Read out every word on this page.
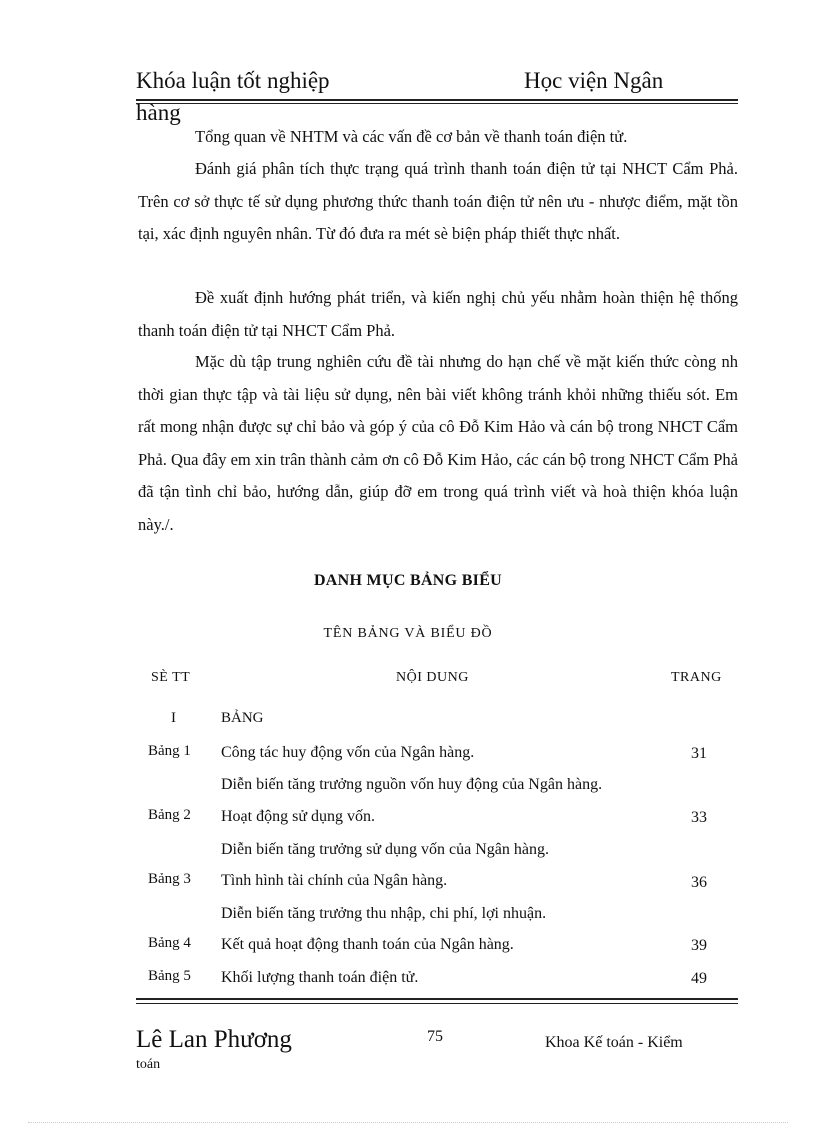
Khóa luận tốt nghiệp	Học viện Ngân
hàng

Tổng quan về NHTM và các vấn đề cơ bản về thanh toán điện tử.

Đánh giá phân tích thực trạng quá trình thanh toán điện tử tại NHCT Cẩm Phả. Trên cơ sở thực tế sử dụng phương thức thanh toán điện tử nên ưu - nhược điểm, mặt tồn tại, xác định nguyên nhân. Từ đó đưa ra mét sè biện pháp thiết thực nhất.

Đề xuất định hướng phát triển, và kiến nghị chủ yếu nhằm hoàn thiện hệ thống thanh toán điện tử tại NHCT Cẩm Phả.

Mặc dù tập trung nghiên cứu đề tài nhưng do hạn chế về mặt kiến thức còng nh thời gian thực tập và tài liệu sử dụng, nên bài viết không tránh khỏi những thiếu sót. Em rất mong nhận được sự chỉ bảo và góp ý của cô Đỗ Kim Hảo và cán bộ trong NHCT Cẩm Phả. Qua đây em xin trân thành cảm ơn cô Đỗ Kim Hảo, các cán bộ trong NHCT Cẩm Phả đã tận tình chỉ bảo, hướng dẫn, giúp đỡ em trong quá trình viết và hoà thiện khóa luận này./.

DANH MỤC BẢNG BIỂU
TÊN BẢNG VÀ BIỂU ĐỒ
SÈ TT	NỘI DUNG	TRANG
I	BẢNG
Bảng 1 Công tác huy động vốn của Ngân hàng.	31
Diễn biến tăng trưởng nguồn vốn huy động của Ngân hàng.
Bảng 2 Hoạt động sử dụng vốn.	33
Diễn biến tăng trưởng sử dụng vốn của Ngân hàng.
Bảng 3 Tình hình tài chính của Ngân hàng.	36
Diễn biến tăng trưởng thu nhập, chi phí, lợi nhuận.
Bảng 4 Kết quả hoạt động thanh toán của Ngân hàng.	39
Bảng 5 Khối lượng thanh toán điện tử.	49
Lê Lan Phương
toán
75	Khoa Kế toán - Kiểm
